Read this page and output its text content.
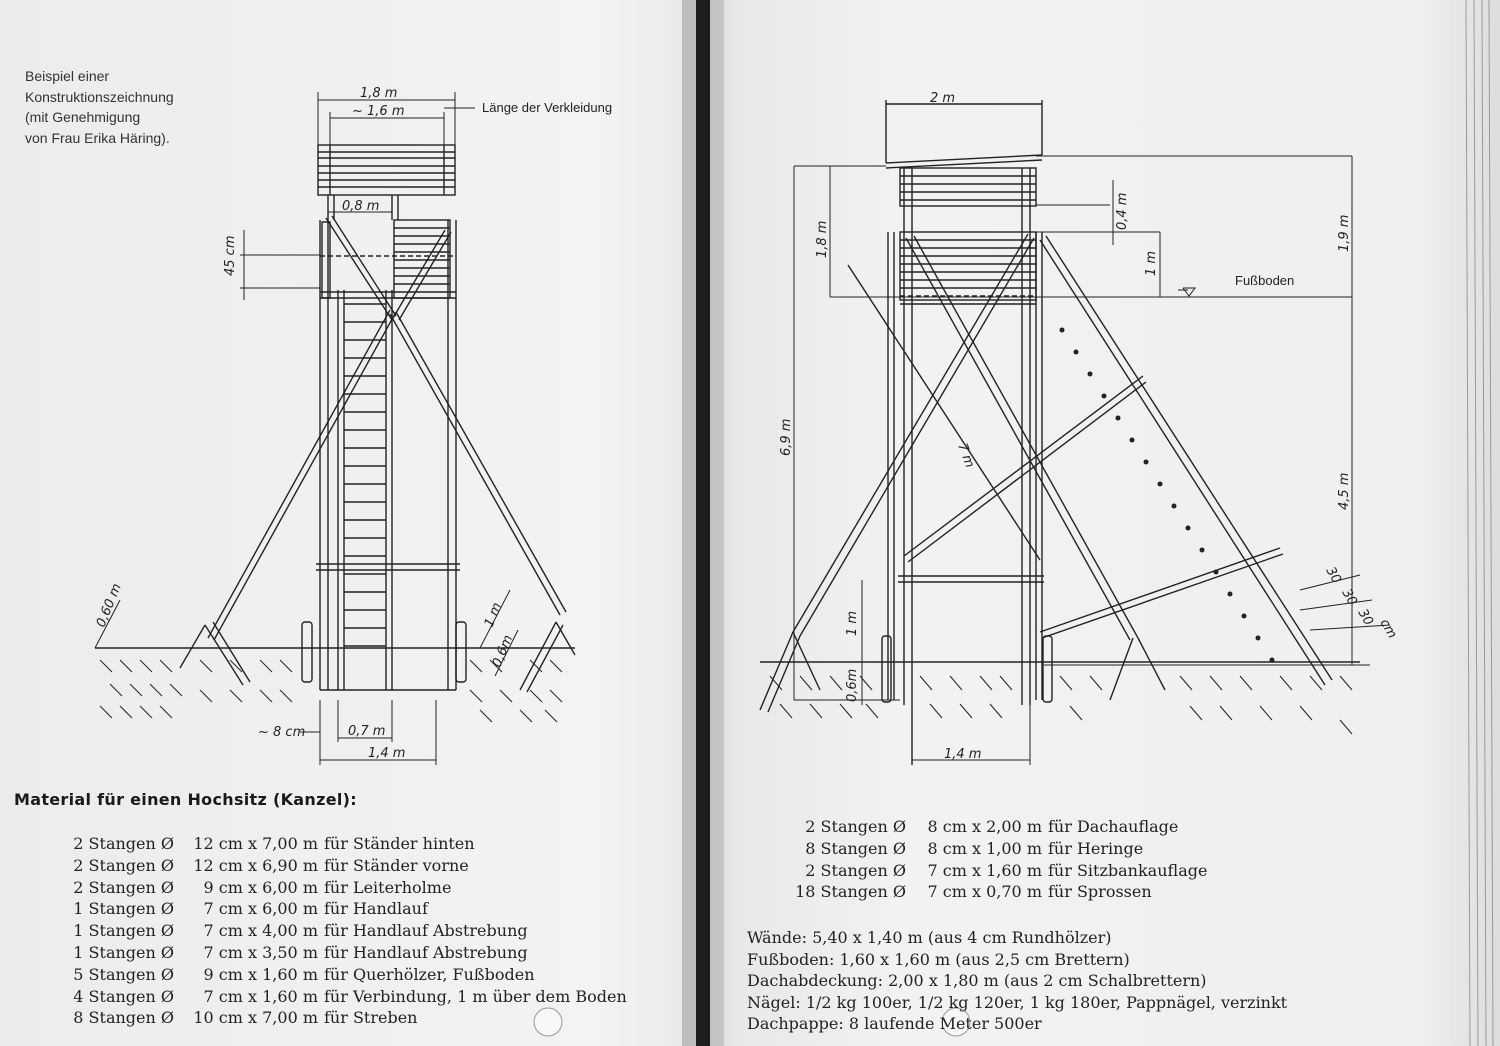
1,8 m
~ 1,6 m	Länge der Verkleidung
0,8 m
45 cm
0,60 m	1 m
0,6m
~ 8 cm	0,7 m
1,4 m
2 m
1,8 m
0,4 m
1 m
1,9 m
Fußboden
6,9 m	7 m
4,5 m
1 m
0,6m
1,4 m
30
30
30 cm
Beispiel einer
Konstruktionszeichnung
(mit Genehmigung
von Frau Erika Häring).
Material für einen Hochsitz (Kanzel):
2 Stangen Ø	12 cm x 7,00 m für Ständer hinten
2 Stangen Ø	12 cm x 6,90 m für Ständer vorne
2 Stangen Ø	9 cm x 6,00 m für Leiterholme
1 Stangen Ø	7 cm x 6,00 m für Handlauf
1 Stangen Ø	7 cm x 4,00 m für Handlauf Abstrebung
1 Stangen Ø	7 cm x 3,50 m für Handlauf Abstrebung
5 Stangen Ø	9 cm x 1,60 m für Querhölzer, Fußboden
4 Stangen Ø	7 cm x 1,60 m für Verbindung, 1 m über dem Boden
8 Stangen Ø	10 cm x 7,00 m für Streben
2 Stangen Ø	8 cm x 2,00 m für Dachauflage
8 Stangen Ø	8 cm x 1,00 m für Heringe
2 Stangen Ø	7 cm x 1,60 m für Sitzbankauflage
18 Stangen Ø	7 cm x 0,70 m für Sprossen
Wände: 5,40 x 1,40 m (aus 4 cm Rundhölzer)
Fußboden: 1,60 x 1,60 m (aus 2,5 cm Brettern)
Dachabdeckung: 2,00 x 1,80 m (aus 2 cm Schalbrettern)
Nägel: 1/2 kg 100er, 1/2 kg 120er, 1 kg 180er, Pappnägel, verzinkt
Dachpappe: 8 laufende Meter 500er
